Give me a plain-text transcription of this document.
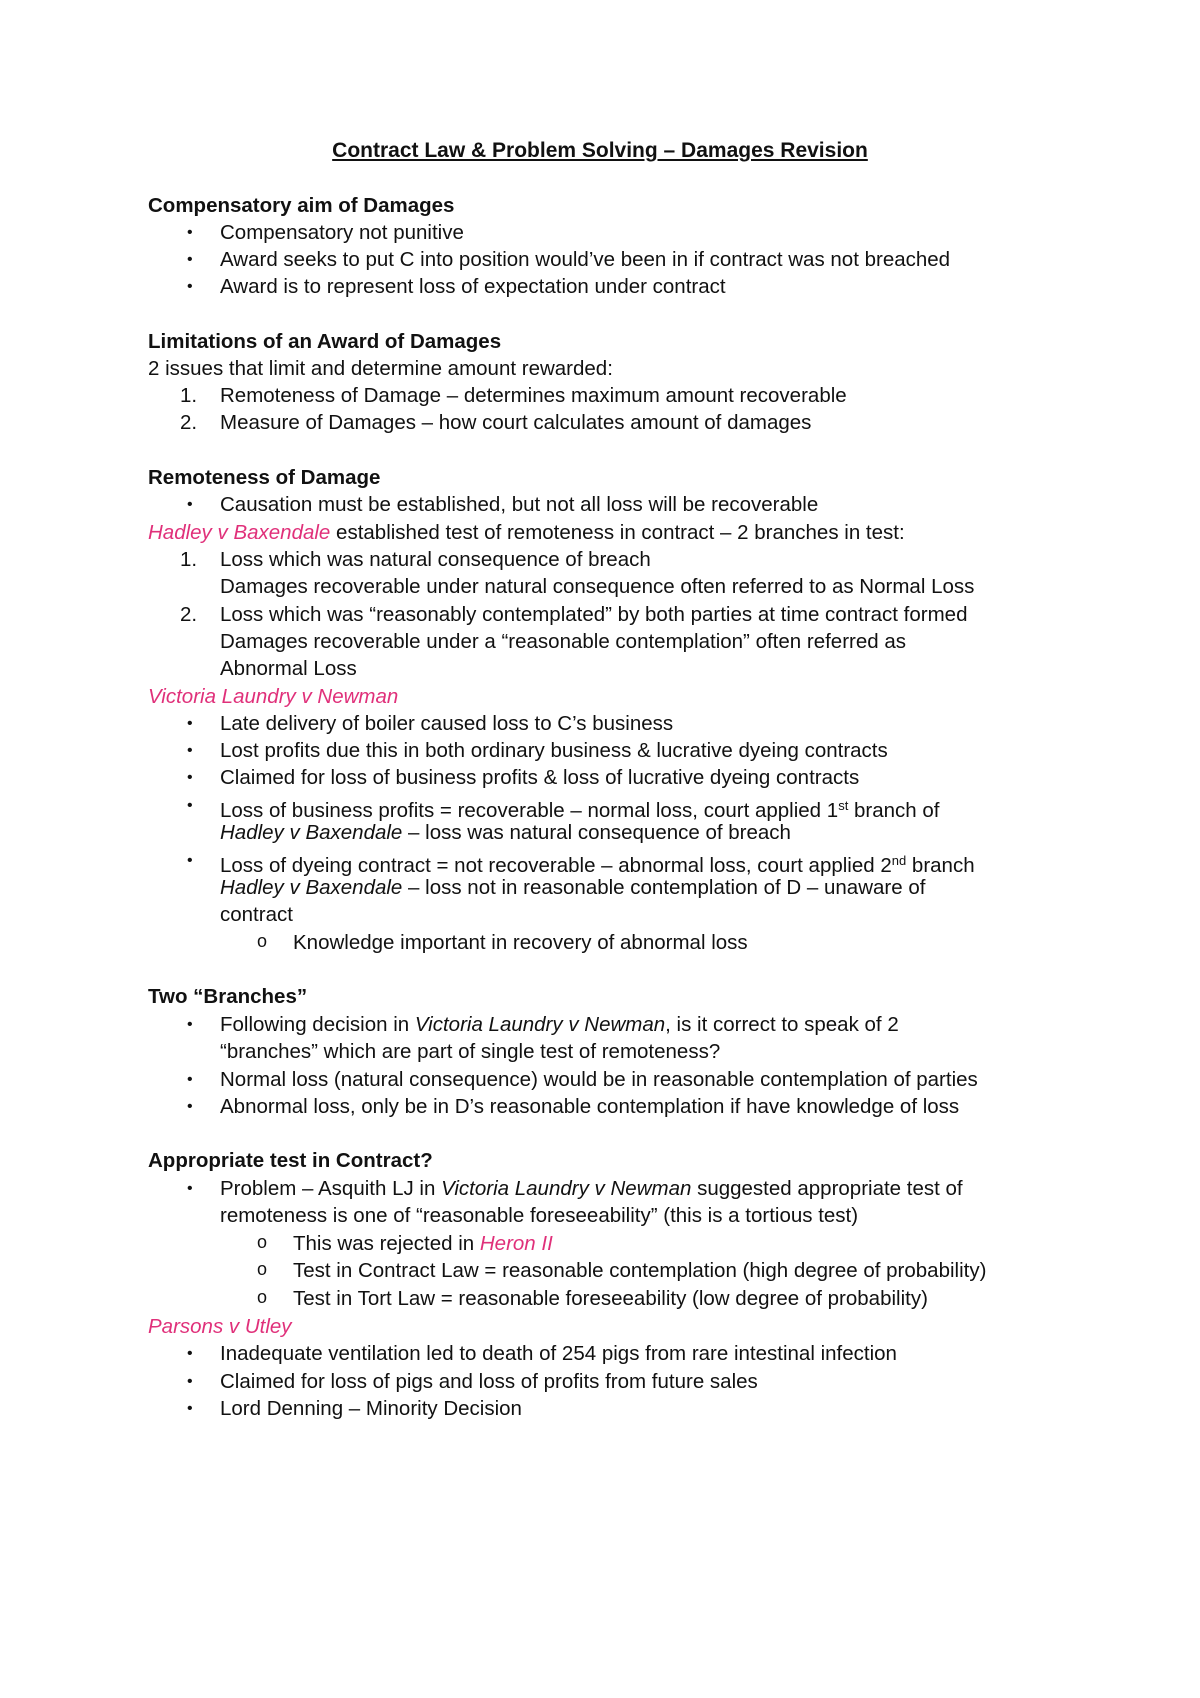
Contract Law & Problem Solving – Damages Revision
Compensatory aim of Damages
• Compensatory not punitive
• Award seeks to put C into position would’ve been in if contract was not breached
• Award is to represent loss of expectation under contract
Limitations of an Award of Damages
2 issues that limit and determine amount rewarded:
1. Remoteness of Damage – determines maximum amount recoverable
2. Measure of Damages – how court calculates amount of damages
Remoteness of Damage
• Causation must be established, but not all loss will be recoverable
Hadley v Baxendale established test of remoteness in contract – 2 branches in test:
1. Loss which was natural consequence of breach
Damages recoverable under natural consequence often referred to as Normal Loss
2. Loss which was “reasonably contemplated” by both parties at time contract formed
Damages recoverable under a “reasonable contemplation” often referred as
Abnormal Loss
Victoria Laundry v Newman
• Late delivery of boiler caused loss to C’s business
• Lost profits due this in both ordinary business & lucrative dyeing contracts
• Claimed for loss of business profits & loss of lucrative dyeing contracts
• Loss of business profits = recoverable – normal loss, court applied 1st branch of
Hadley v Baxendale – loss was natural consequence of breach
• Loss of dyeing contract = not recoverable – abnormal loss, court applied 2nd branch
Hadley v Baxendale – loss not in reasonable contemplation of D – unaware of
contract
o Knowledge important in recovery of abnormal loss
Two “Branches”
• Following decision in Victoria Laundry v Newman, is it correct to speak of 2
“branches” which are part of single test of remoteness?
• Normal loss (natural consequence) would be in reasonable contemplation of parties
• Abnormal loss, only be in D’s reasonable contemplation if have knowledge of loss
Appropriate test in Contract?
• Problem – Asquith LJ in Victoria Laundry v Newman suggested appropriate test of
remoteness is one of “reasonable foreseeability” (this is a tortious test)
o This was rejected in Heron II
o Test in Contract Law = reasonable contemplation (high degree of probability)
o Test in Tort Law = reasonable foreseeability (low degree of probability)
Parsons v Utley
• Inadequate ventilation led to death of 254 pigs from rare intestinal infection
• Claimed for loss of pigs and loss of profits from future sales
• Lord Denning – Minority Decision
